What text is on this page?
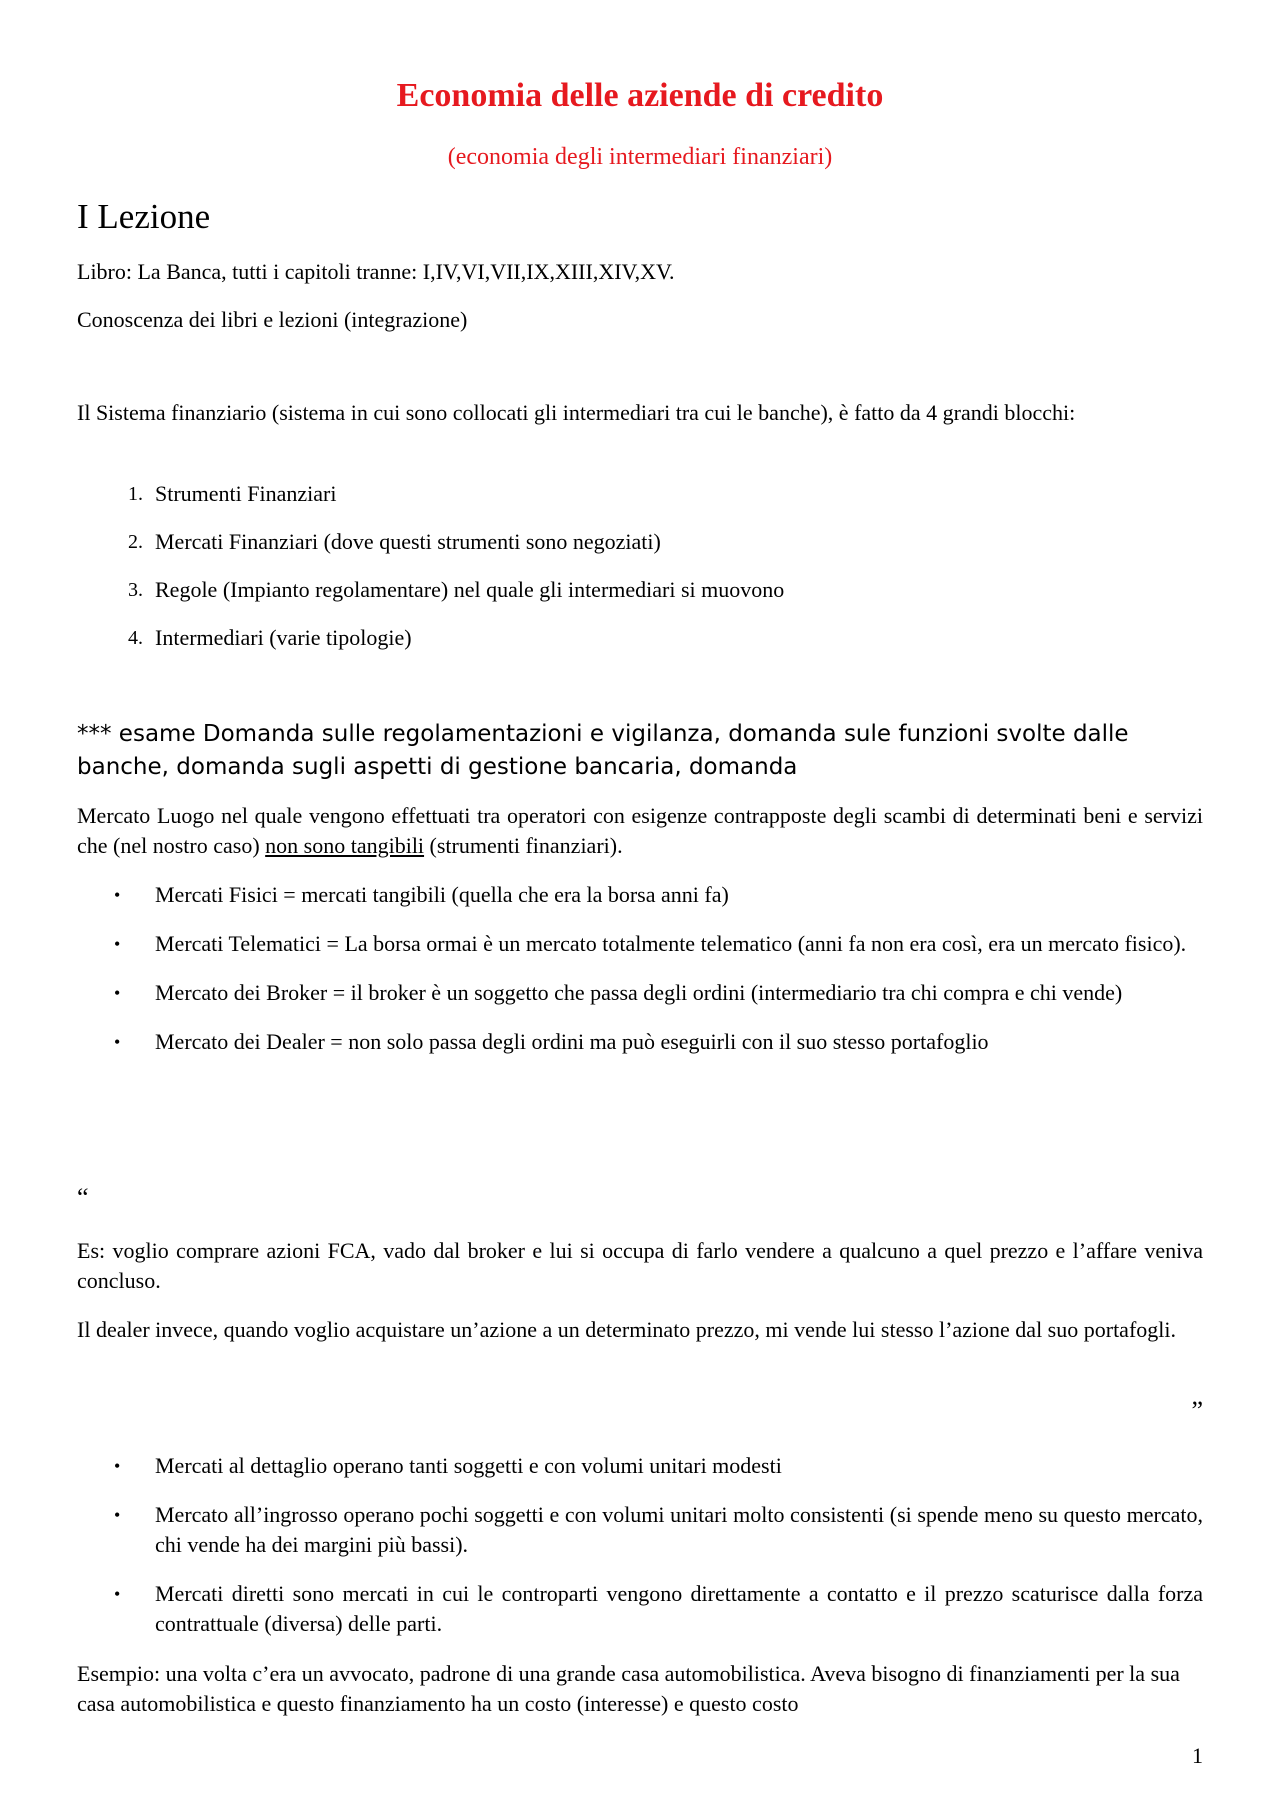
Economia delle aziende di credito

(economia degli intermediari finanziari)

I Lezione

Libro: La Banca, tutti i capitoli tranne: I,IV,VI,VII,IX,XIII,XIV,XV.

Conoscenza dei libri e lezioni (integrazione)

Il Sistema finanziario (sistema in cui sono collocati gli intermediari tra cui le banche), è fatto da 4 grandi blocchi:

1. Strumenti Finanziari
2. Mercati Finanziari (dove questi strumenti sono negoziati)
3. Regole (Impianto regolamentare) nel quale gli intermediari si muovono
4. Intermediari (varie tipologie)

*** esame Domanda sulle regolamentazioni e vigilanza, domanda sule funzioni svolte dalle banche, domanda sugli aspetti di gestione bancaria, domanda

Mercato Luogo nel quale vengono effettuati tra operatori con esigenze contrapposte degli scambi di determinati beni e servizi che (nel nostro caso) non sono tangibili (strumenti finanziari).

• Mercati Fisici = mercati tangibili (quella che era la borsa anni fa)
• Mercati Telematici = La borsa ormai è un mercato totalmente telematico (anni fa non era così, era un mercato fisico).
• Mercato dei Broker = il broker è un soggetto che passa degli ordini (intermediario tra chi compra e chi vende)
• Mercato dei Dealer = non solo passa degli ordini ma può eseguirli con il suo stesso portafoglio

“

Es: voglio comprare azioni FCA, vado dal broker e lui si occupa di farlo vendere a qualcuno a quel prezzo e l’affare veniva concluso.

Il dealer invece, quando voglio acquistare un’azione a un determinato prezzo, mi vende lui stesso l’azione dal suo portafogli.

”

• Mercati al dettaglio operano tanti soggetti e con volumi unitari modesti
• Mercato all’ingrosso operano pochi soggetti e con volumi unitari molto consistenti (si spende meno su questo mercato, chi vende ha dei margini più bassi).
• Mercati diretti sono mercati in cui le controparti vengono direttamente a contatto e il prezzo scaturisce dalla forza contrattuale (diversa) delle parti.

Esempio: una volta c’era un avvocato, padrone di una grande casa automobilistica. Aveva bisogno di finanziamenti per la sua casa automobilistica e questo finanziamento ha un costo (interesse) e questo costo

1
